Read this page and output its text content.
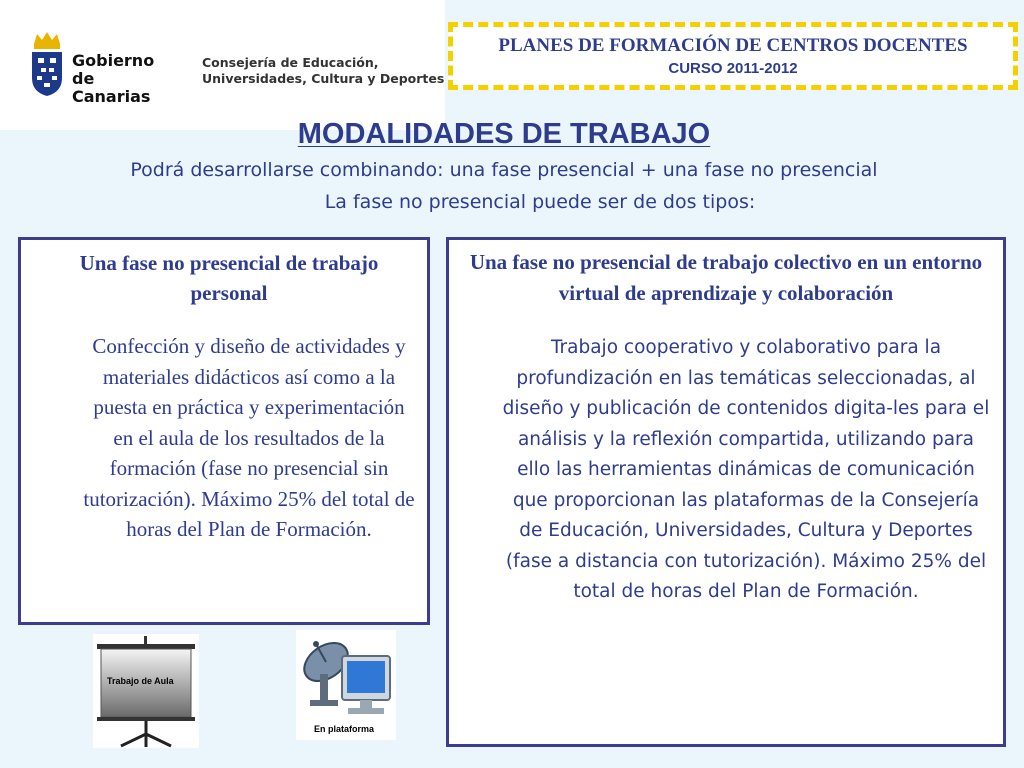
Gobierno
de Canarias
Consejería de Educación,
Universidades, Cultura y Deportes
PLANES DE FORMACIÓN DE CENTROS DOCENTES
CURSO 2011-2012
MODALIDADES DE TRABAJO
Podrá desarrollarse combinando: una fase presencial + una fase no presencial
La fase no presencial puede ser de dos tipos:
Una fase no presencial de trabajo personal
Confección y diseño de actividades y materiales didácticos así como a la puesta en práctica y experimentación en el aula de los resultados de la formación (fase no presencial sin tutorización). Máximo 25% del total de horas del Plan de Formación.
Una fase no presencial de trabajo colectivo en un entorno virtual de aprendizaje y colaboración
Trabajo cooperativo y colaborativo para la profundización en las temáticas seleccionadas, al diseño y publicación de contenidos digita-les para el análisis y la reflexión compartida, utilizando para ello las herramientas dinámicas de comunicación que proporcionan las plataformas de la Consejería de Educación, Universidades, Cultura y Deportes (fase a distancia con tutorización). Máximo 25% del total de horas del Plan de Formación.
Trabajo de Aula
En plataforma
